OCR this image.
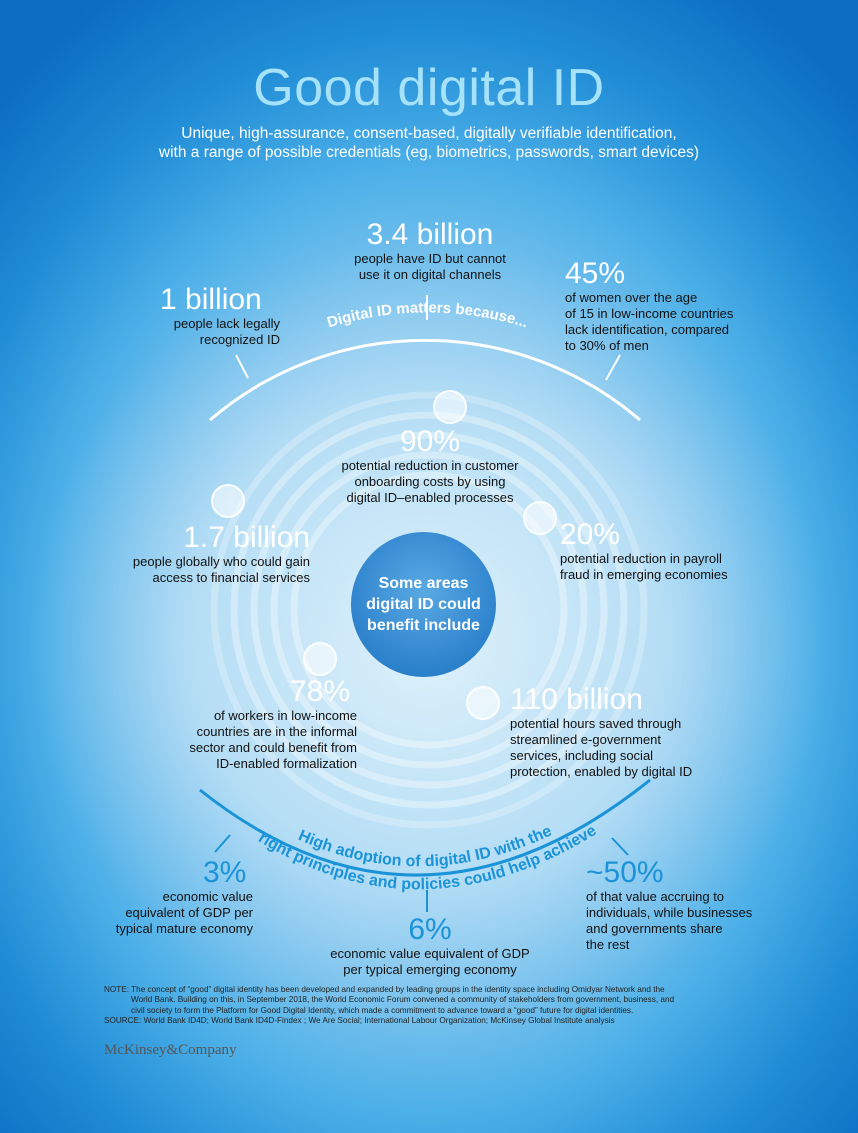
Digital ID matters because...
High adoption of digital ID with the
right principles and policies could help achieve
Good digital ID
Unique, high-assurance, consent-based, digitally verifiable identification,
with a range of possible credentials (eg, biometrics, passwords, smart devices)
1 billion
people lack legally
recognized ID
3.4 billion
people have ID but cannot
use it on digital channels	45%
of women over the age
of 15 in low-income countries
lack identification, compared
to 30% of men
Some areas digital ID could benefit include
90%
potential reduction in customer
onboarding costs by using
digital ID–enabled processes
1.7 billion
people globally who could gain
access to financial services
20%
potential reduction in payroll
fraud in emerging economies
78%
of workers in low-income
countries are in the informal
sector and could benefit from
ID-enabled formalization
110 billion
potential hours saved through
streamlined e-government
services, including social
protection, enabled by digital ID
3%
economic value
equivalent of GDP per
typical mature economy	6%
economic value equivalent of GDP
per typical emerging economy
~50%
of that value accruing to
individuals, while businesses
and governments share
the rest
NOTE: The concept of “good” digital identity has been developed and expanded by leading groups in the identity space including Omidyar Network and the
World Bank. Building on this, in September 2018, the World Economic Forum convened a community of stakeholders from government, business, and
civil society to form the Platform for Good Digital Identity, which made a commitment to advance toward a “good” future for digital identities.
SOURCE: World Bank ID4D; World Bank ID4D-Findex ; We Are Social; International Labour Organization; McKinsey Global Institute analysis
McKinsey&Company
